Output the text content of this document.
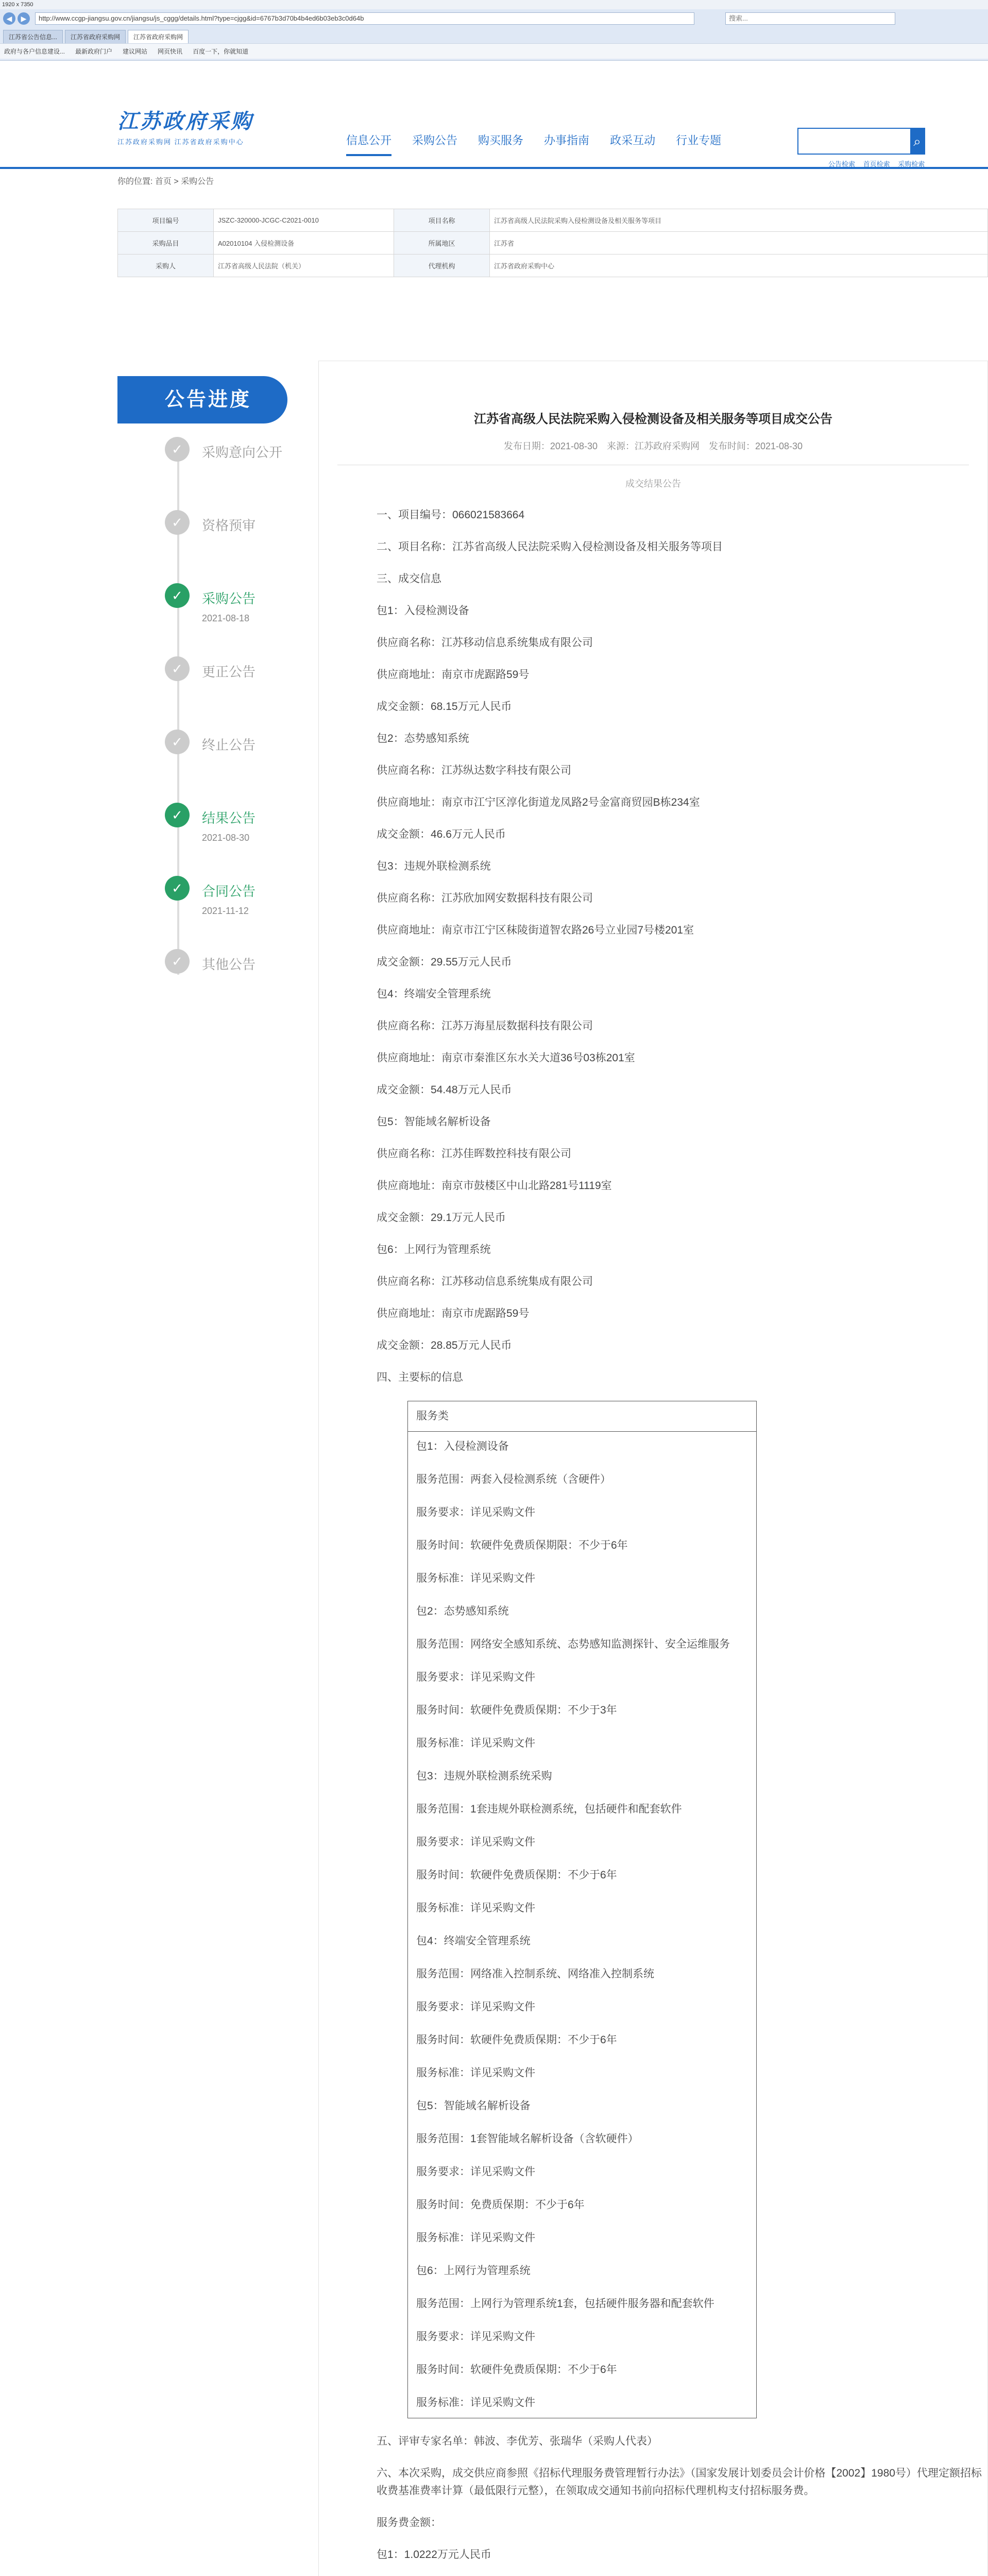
1920 x 7350
◀	▶	http://www.ccgp-jiangsu.gov.cn/jiangsu/js_cggg/details.html?type=cjgg&id=6767b3d70b4b4ed6b03eb3c0d64b	搜索...
江苏省公告信息...	江苏省政府采购网	江苏省政府采购网
政府与各户信息建设... 最新政府门户 建议网站 网页快讯 百度一下，你就知道
江苏政府采购
江苏政府采购网 江苏省政府采购中心	信息公开 采购公告 购买服务 办事指南 政采互动 行业专题	⌕
公告检索 首页检索 采购检索
你的位置: 首页 > 采购公告
项目编号	JSZC-320000-JCGC-C2021-0010	项目名称	江苏省高级人民法院采购入侵检测设备及相关服务等项目
采购品目	A02010104 入侵检测设备	所属地区	江苏省
采购人	江苏省高级人民法院（机关）	代理机构	江苏省政府采购中心
公告进度
✓	采购意向公开
✓	资格预审
✓	采购公告
2021-08-18
✓	更正公告
✓	终止公告
✓	结果公告
2021-08-30
✓	合同公告
2021-11-12
✓	其他公告
江苏省高级人民法院采购入侵检测设备及相关服务等项目成交公告
发布日期：2021-08-30　来源：江苏政府采购网　发布时间：2021-08-30
成交结果公告

一、项目编号：066021583664

二、项目名称：江苏省高级人民法院采购入侵检测设备及相关服务等项目

三、成交信息

包1：入侵检测设备

供应商名称：江苏移动信息系统集成有限公司

供应商地址：南京市虎踞路59号

成交金额：68.15万元人民币

包2：态势感知系统

供应商名称：江苏纵达数字科技有限公司

供应商地址：南京市江宁区淳化街道龙凤路2号金富商贸园B栋234室

成交金额：46.6万元人民币

包3：违规外联检测系统

供应商名称：江苏欣加网安数据科技有限公司

供应商地址：南京市江宁区秣陵街道智农路26号立业园7号楼201室

成交金额：29.55万元人民币

包4：终端安全管理系统

供应商名称：江苏万海星辰数据科技有限公司

供应商地址：南京市秦淮区东水关大道36号03栋201室

成交金额：54.48万元人民币

包5：智能域名解析设备

供应商名称：江苏佳晖数控科技有限公司

供应商地址：南京市鼓楼区中山北路281号1119室

成交金额：29.1万元人民币

包6：上网行为管理系统

供应商名称：江苏移动信息系统集成有限公司

供应商地址：南京市虎踞路59号

成交金额：28.85万元人民币

四、主要标的信息

服务类

包1：入侵检测设备

服务范围：两套入侵检测系统（含硬件）

服务要求：详见采购文件

服务时间：软硬件免费质保期限：不少于6年

服务标准：详见采购文件

包2：态势感知系统

服务范围：网络安全感知系统、态势感知监测探针、安全运维服务

服务要求：详见采购文件

服务时间：软硬件免费质保期：不少于3年

服务标准：详见采购文件

包3：违规外联检测系统采购

服务范围：1套违规外联检测系统，包括硬件和配套软件

服务要求：详见采购文件

服务时间：软硬件免费质保期：不少于6年

服务标准：详见采购文件

包4：终端安全管理系统

服务范围：网络准入控制系统、网络准入控制系统

服务要求：详见采购文件

服务时间：软硬件免费质保期：不少于6年

服务标准：详见采购文件

包5：智能域名解析设备

服务范围：1套智能域名解析设备（含软硬件）

服务要求：详见采购文件

服务时间：免费质保期：不少于6年

服务标准：详见采购文件

包6：上网行为管理系统

服务范围：上网行为管理系统1套，包括硬件服务器和配套软件

服务要求：详见采购文件

服务时间：软硬件免费质保期：不少于6年

服务标准：详见采购文件

五、评审专家名单：韩波、李优芳、张瑞华（采购人代表）

六、本次采购，成交供应商参照《招标代理服务费管理暂行办法》（国家发展计划委员会计价格【2002】1980号）代理定额招标收费基准费率计算（最低限行元整），在领取成交通知书前向招标代理机构支付招标服务费。

服务费金额：

包1：1.0222万元人民币
